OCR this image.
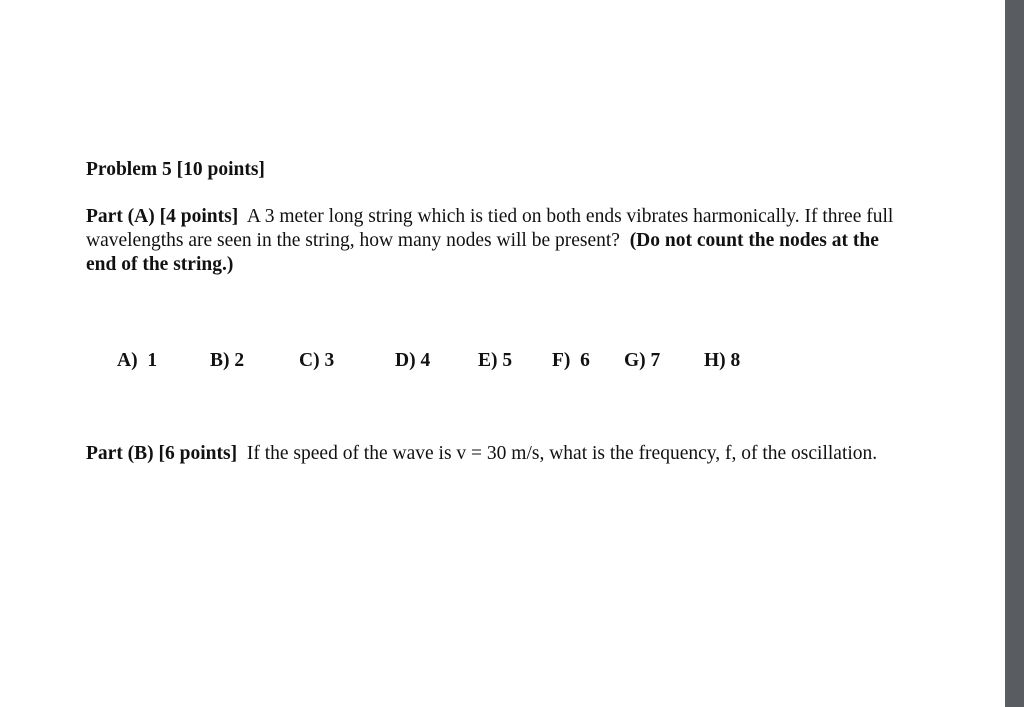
Problem 5 [10 points]

Part (A) [4 points] A 3 meter long string which is tied on both ends vibrates harmonically. If three full wavelengths are seen in the string, how many nodes will be present? (Do not count the nodes at the end of the string.)

A)  1	B) 2	C) 3	D) 4 E) 5 F)  6 G) 7 H) 8

Part (B) [6 points] If the speed of the wave is v = 30 m/s, what is the frequency, f, of the oscillation.
